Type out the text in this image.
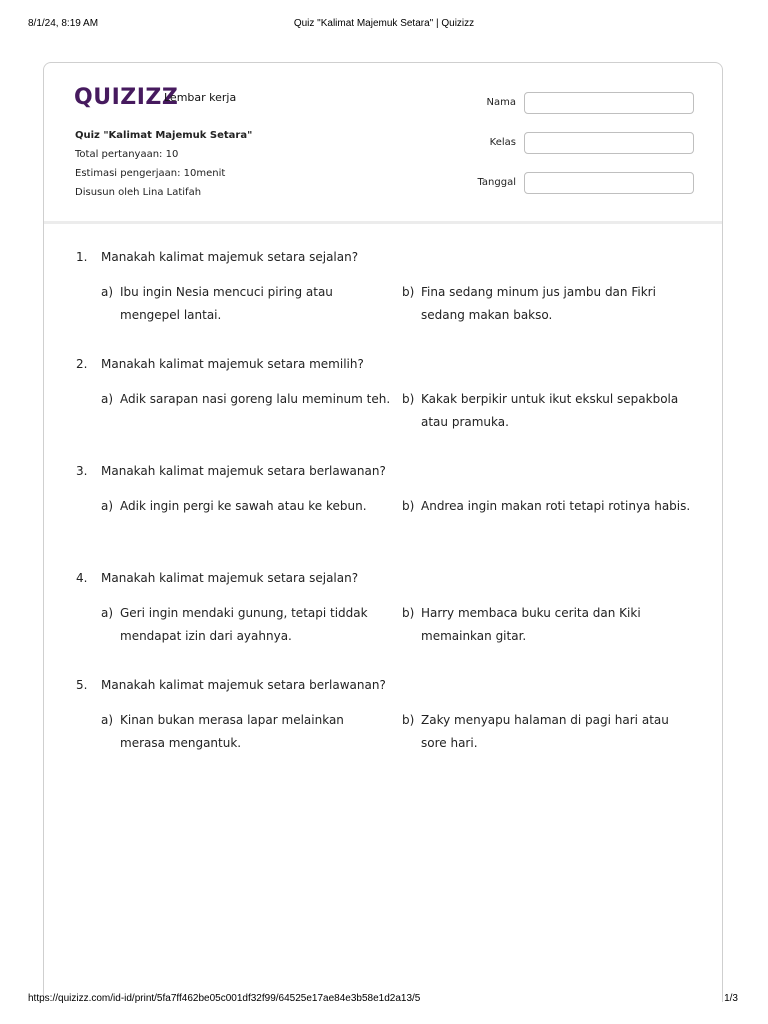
8/1/24, 8:19 AM	Quiz "Kalimat Majemuk Setara" | Quizizz
QUIZIZZ
Lembar kerja
Quiz "Kalimat Majemuk Setara"
Total pertanyaan: 10
Estimasi pengerjaan: 10menit
Disusun oleh Lina Latifah
Nama
Kelas
Tanggal
1. Manakah kalimat majemuk setara sejalan?
a) Ibu ingin Nesia mencuci piring atau mengepel lantai.
b) Fina sedang minum jus jambu dan Fikri sedang makan bakso.
2. Manakah kalimat majemuk setara memilih?
a) Adik sarapan nasi goreng lalu meminum teh. b) Kakak berpikir untuk ikut ekskul sepakbola atau pramuka.
3. Manakah kalimat majemuk setara berlawanan?
a) Adik ingin pergi ke sawah atau ke kebun.	b) Andrea ingin makan roti tetapi rotinya habis.
4. Manakah kalimat majemuk setara sejalan?
a) Geri ingin mendaki gunung, tetapi tiddak mendapat izin dari ayahnya.
b) Harry membaca buku cerita dan Kiki memainkan gitar.
5. Manakah kalimat majemuk setara berlawanan?
a) Kinan bukan merasa lapar melainkan merasa mengantuk.
b) Zaky menyapu halaman di pagi hari atau sore hari.
https://quizizz.com/id-id/print/5fa7ff462be05c001df32f99/64525e17ae84e3b58e1d2a13/5	1/3
